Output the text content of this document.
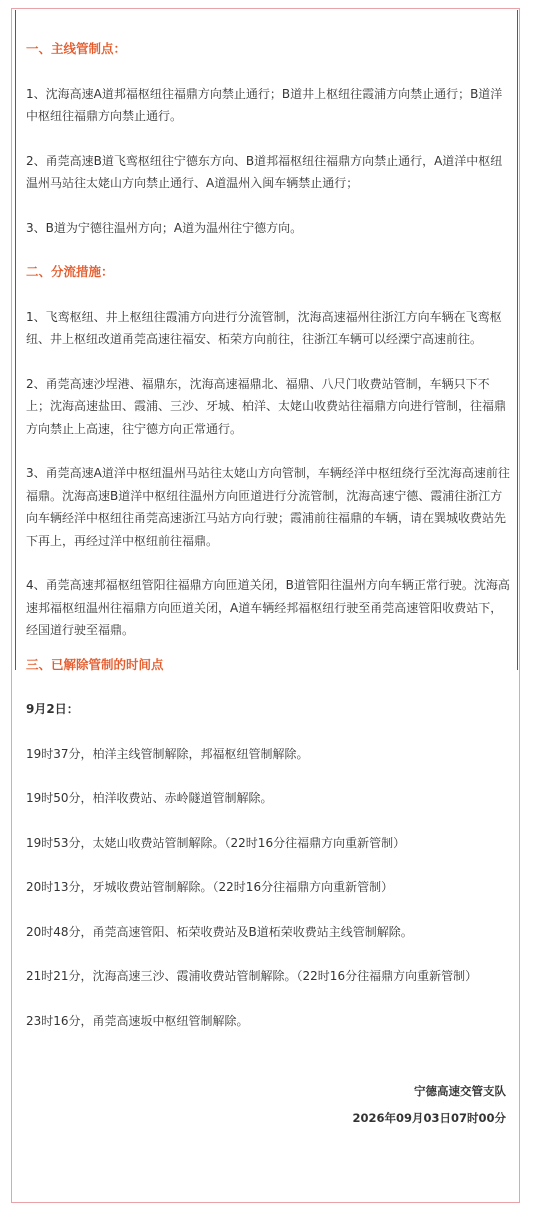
一、主线管制点：

1、沈海高速A道邦福枢纽往福鼎方向禁止通行；B道井上枢纽往霞浦方向禁止通行；B道洋中枢纽往福鼎方向禁止通行。

2、甬莞高速B道飞鸾枢纽往宁德东方向、B道邦福枢纽往福鼎方向禁止通行，A道洋中枢纽温州马站往太姥山方向禁止通行、A道温州入闽车辆禁止通行；

3、B道为宁德往温州方向；A道为温州往宁德方向。

二、分流措施：

1、飞鸾枢纽、井上枢纽往霞浦方向进行分流管制，沈海高速福州往浙江方向车辆在飞鸾枢纽、井上枢纽改道甬莞高速往福安、柘荣方向前往，往浙江车辆可以经溧宁高速前往。

2、甬莞高速沙埕港、福鼎东，沈海高速福鼎北、福鼎、八尺门收费站管制，车辆只下不上；沈海高速盐田、霞浦、三沙、牙城、柏洋、太姥山收费站往福鼎方向进行管制，往福鼎方向禁止上高速，往宁德方向正常通行。

3、甬莞高速A道洋中枢纽温州马站往太姥山方向管制，车辆经洋中枢纽绕行至沈海高速前往福鼎。沈海高速B道洋中枢纽往温州方向匝道进行分流管制，沈海高速宁德、霞浦往浙江方向车辆经洋中枢纽往甬莞高速浙江马站方向行驶；霞浦前往福鼎的车辆，请在巽城收费站先下再上，再经过洋中枢纽前往福鼎。

4、甬莞高速邦福枢纽管阳往福鼎方向匝道关闭，B道管阳往温州方向车辆正常行驶。沈海高速邦福枢纽温州往福鼎方向匝道关闭，A道车辆经邦福枢纽行驶至甬莞高速管阳收费站下，经国道行驶至福鼎。

三、已解除管制的时间点

9月2日：

19时37分，柏洋主线管制解除，邦福枢纽管制解除。

19时50分，柏洋收费站、赤岭隧道管制解除。

19时53分，太姥山收费站管制解除。（22时16分往福鼎方向重新管制）

20时13分，牙城收费站管制解除。（22时16分往福鼎方向重新管制）

20时48分，甬莞高速管阳、柘荣收费站及B道柘荣收费站主线管制解除。

21时21分，沈海高速三沙、霞浦收费站管制解除。（22时16分往福鼎方向重新管制）

23时16分，甬莞高速坂中枢纽管制解除。

宁德高速交管支队

2026年09月03日07时00分
